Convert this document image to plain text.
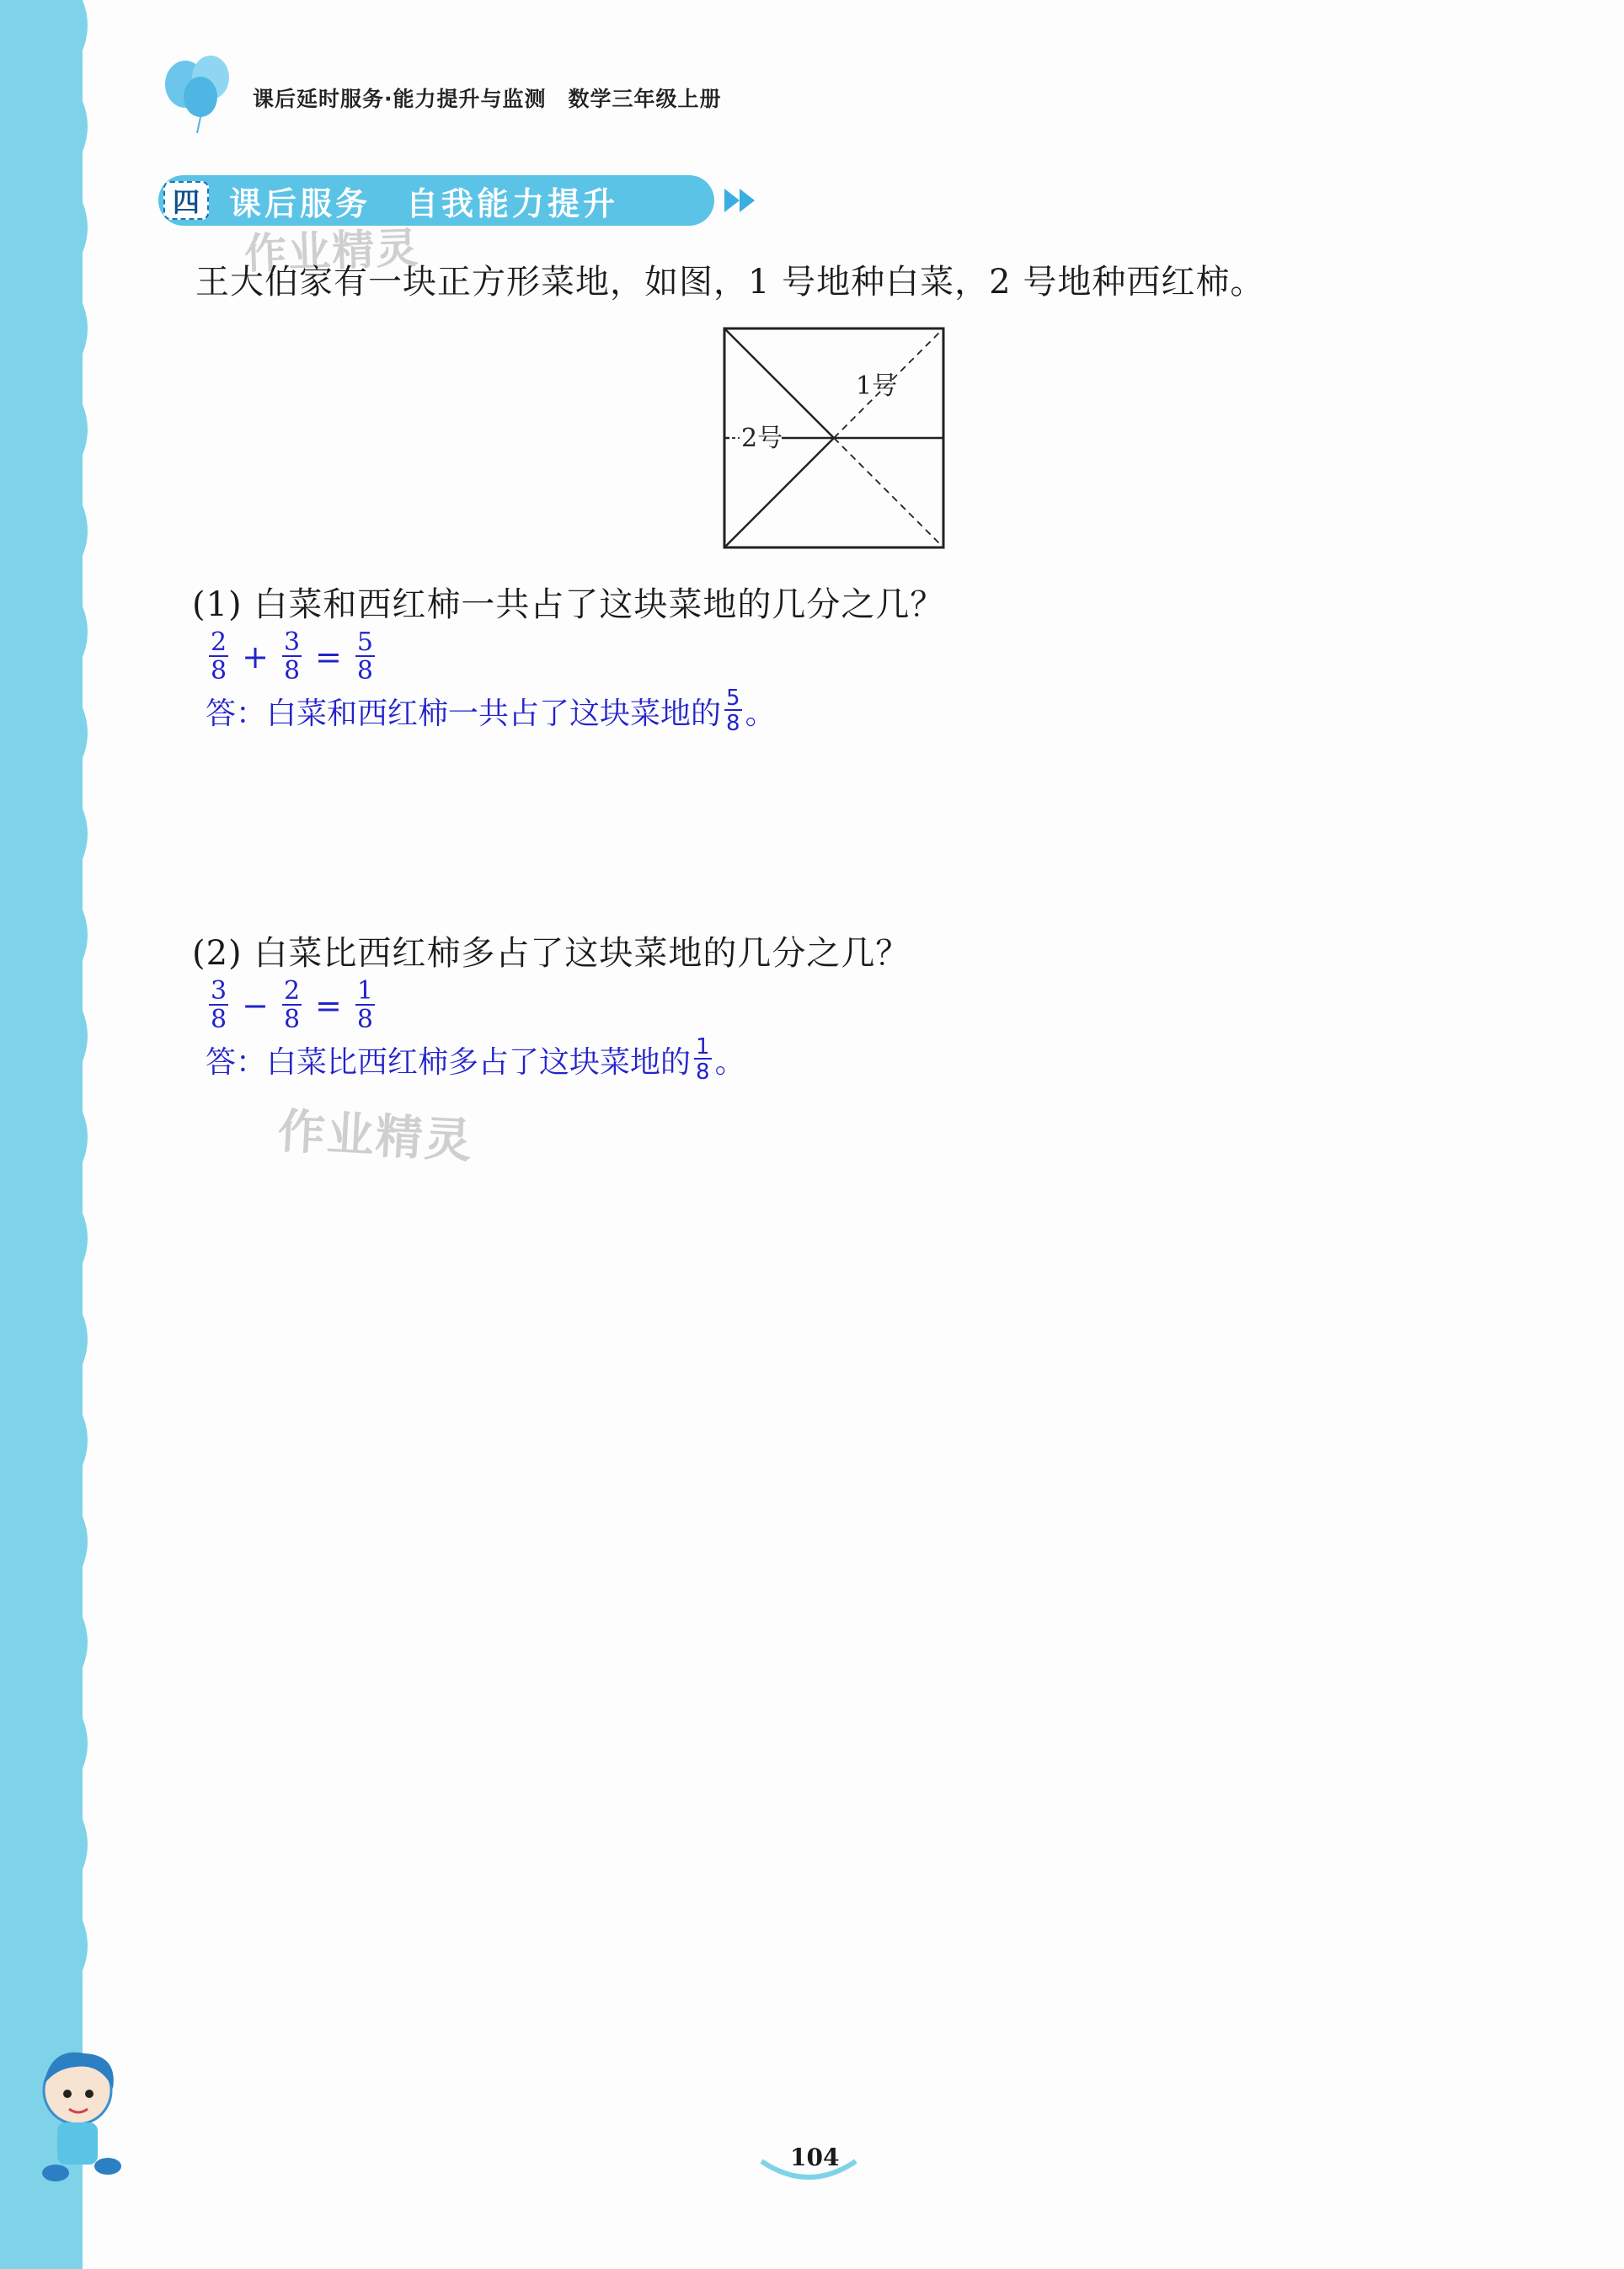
课后延时服务·能力提升与监测　数学三年级上册
四 课后服务　自我能力提升
作业精灵
王大伯家有一块正方形菜地，如图，1 号地种白菜，2 号地种西红柿。
1号
2号
(1) 白菜和西红柿一共占了这块菜地的几分之几？
$\frac{2}{8} + \frac{3}{8} = \frac{5}{8}$
答：白菜和西红柿一共占了这块菜地的 $\frac{5}{8}$ 。
(2) 白菜比西红柿多占了这块菜地的几分之几？
$\frac{3}{8} - \frac{2}{8} = \frac{1}{8}$
答：白菜比西红柿多占了这块菜地的 $\frac{1}{8}$ 。
作业精灵
104
